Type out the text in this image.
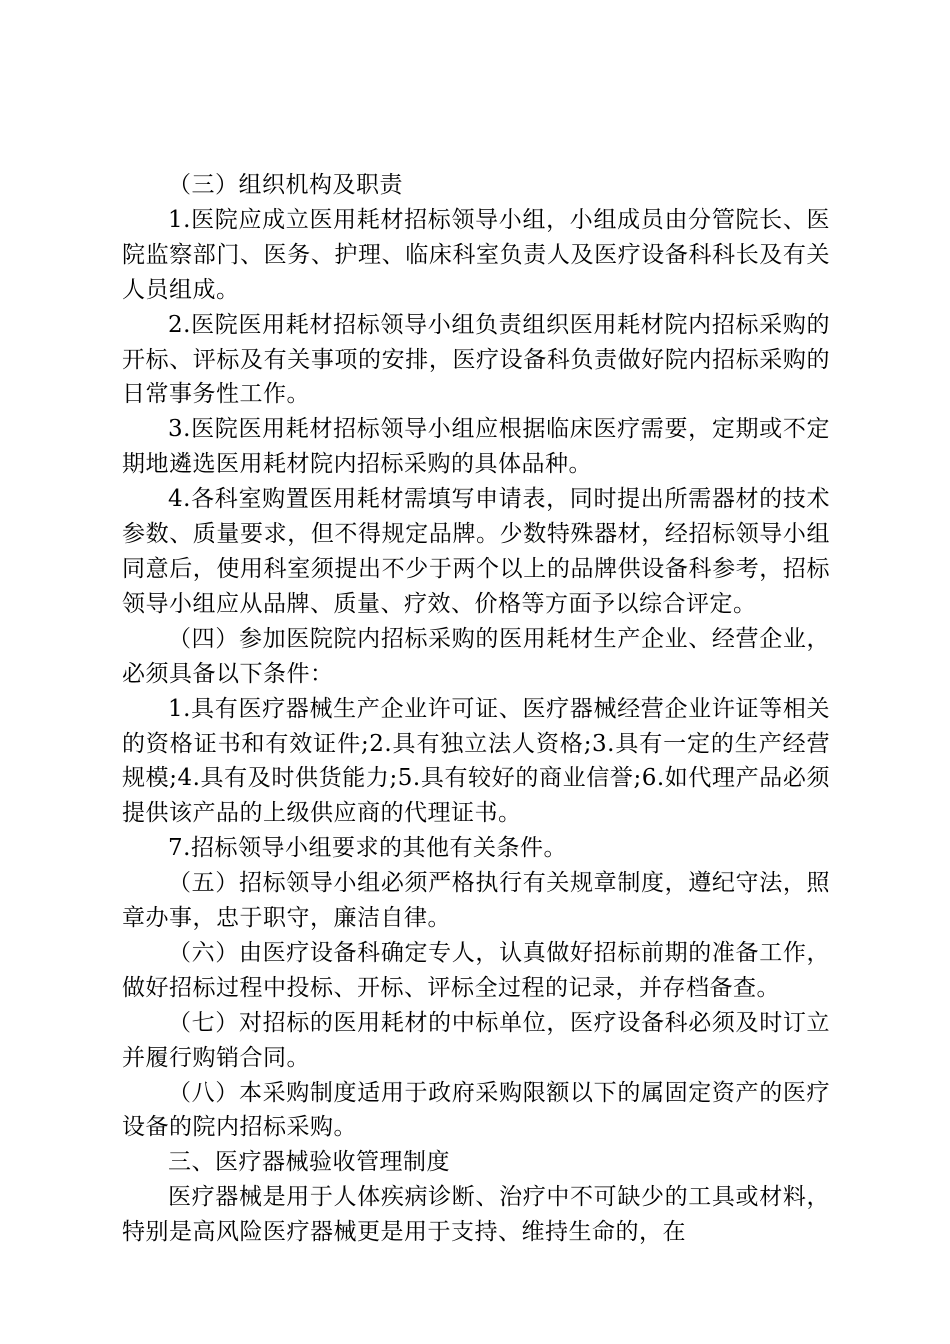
（三）组织机构及职责

1.医院应成立医用耗材招标领导小组，小组成员由分管院长、医院监察部门、医务、护理、临床科室负责人及医疗设备科科长及有关人员组成。

2.医院医用耗材招标领导小组负责组织医用耗材院内招标采购的开标、评标及有关事项的安排，医疗设备科负责做好院内招标采购的日常事务性工作。

3.医院医用耗材招标领导小组应根据临床医疗需要，定期或不定期地遴选医用耗材院内招标采购的具体品种。

4.各科室购置医用耗材需填写申请表，同时提出所需器材的技术参数、质量要求，但不得规定品牌。少数特殊器材，经招标领导小组同意后，使用科室须提出不少于两个以上的品牌供设备科参考，招标领导小组应从品牌、质量、疗效、价格等方面予以综合评定。

（四）参加医院院内招标采购的医用耗材生产企业、经营企业，必须具备以下条件：

1.具有医疗器械生产企业许可证、医疗器械经营企业许证等相关的资格证书和有效证件;2.具有独立法人资格;3.具有一定的生产经营规模;4.具有及时供货能力;5.具有较好的商业信誉;6.如代理产品必须提供该产品的上级供应商的代理证书。

7.招标领导小组要求的其他有关条件。

（五）招标领导小组必须严格执行有关规章制度，遵纪守法，照章办事，忠于职守，廉洁自律。

（六）由医疗设备科确定专人，认真做好招标前期的准备工作，做好招标过程中投标、开标、评标全过程的记录，并存档备查。

（七）对招标的医用耗材的中标单位，医疗设备科必须及时订立并履行购销合同。

（八）本采购制度适用于政府采购限额以下的属固定资产的医疗设备的院内招标采购。

三、医疗器械验收管理制度

医疗器械是用于人体疾病诊断、治疗中不可缺少的工具或材料，特别是高风险医疗器械更是用于支持、维持生命的，在
